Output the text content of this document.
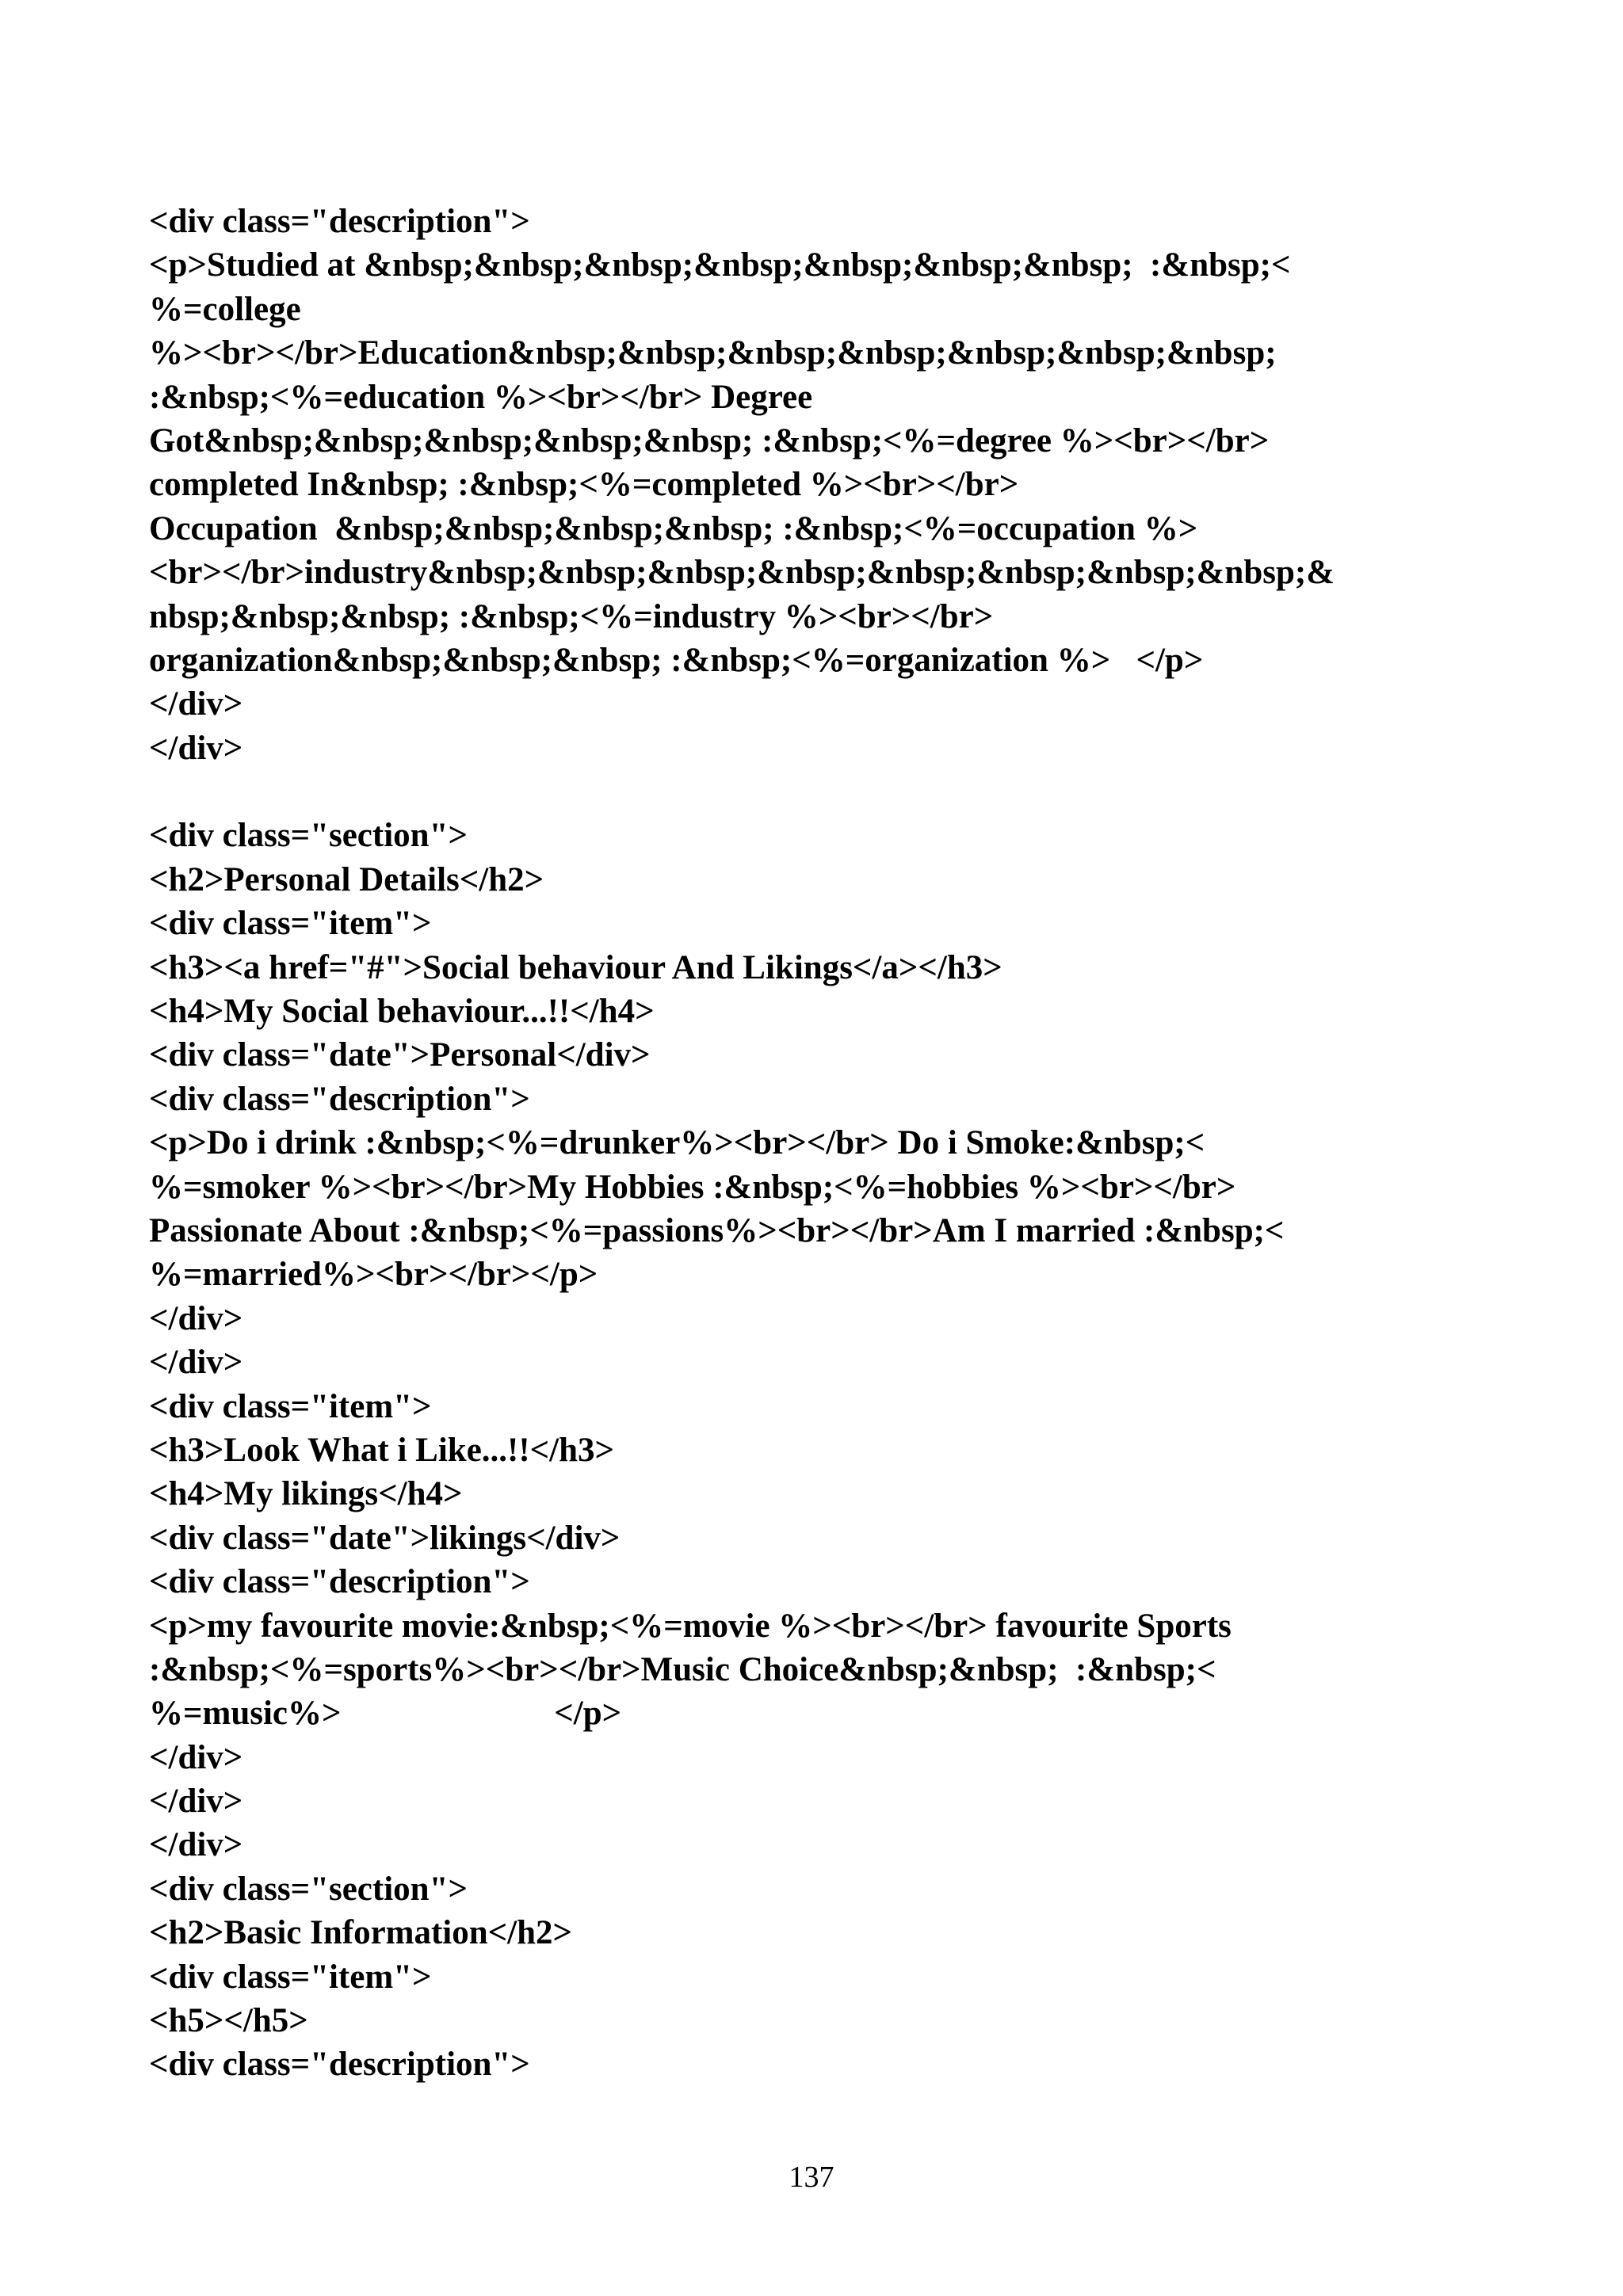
<div class="description">
<p>Studied at &nbsp;&nbsp;&nbsp;&nbsp;&nbsp;&nbsp;&nbsp;  :&nbsp;<
%=college
%><br></br>Education&nbsp;&nbsp;&nbsp;&nbsp;&nbsp;&nbsp;&nbsp;
:&nbsp;<%=education %><br></br> Degree
Got&nbsp;&nbsp;&nbsp;&nbsp;&nbsp; :&nbsp;<%=degree %><br></br>
completed In&nbsp; :&nbsp;<%=completed %><br></br>
Occupation  &nbsp;&nbsp;&nbsp;&nbsp; :&nbsp;<%=occupation %>
<br></br>industry&nbsp;&nbsp;&nbsp;&nbsp;&nbsp;&nbsp;&nbsp;&nbsp;&
nbsp;&nbsp;&nbsp; :&nbsp;<%=industry %><br></br>
organization&nbsp;&nbsp;&nbsp; :&nbsp;<%=organization %>   </p>
</div>
</div>
<div class="section">
<h2>Personal Details</h2>
<div class="item">
<h3><a href="#">Social behaviour And Likings</a></h3>
<h4>My Social behaviour...!!</h4>
<div class="date">Personal</div>
<div class="description">
<p>Do i drink :&nbsp;<%=drunker%><br></br> Do i Smoke:&nbsp;<
%=smoker %><br></br>My Hobbies :&nbsp;<%=hobbies %><br></br>
Passionate About :&nbsp;<%=passions%><br></br>Am I married :&nbsp;<
%=married%><br></br></p>
</div>
</div>
<div class="item">
<h3>Look What i Like...!!</h3>
<h4>My likings</h4>
<div class="date">likings</div>
<div class="description">
<p>my favourite movie:&nbsp;<%=movie %><br></br> favourite Sports
:&nbsp;<%=sports%><br></br>Music Choice&nbsp;&nbsp;  :&nbsp;<
%=music%>                         </p>
</div>
</div>
</div>
<div class="section">
<h2>Basic Information</h2>
<div class="item">
<h5></h5>
<div class="description">
137
